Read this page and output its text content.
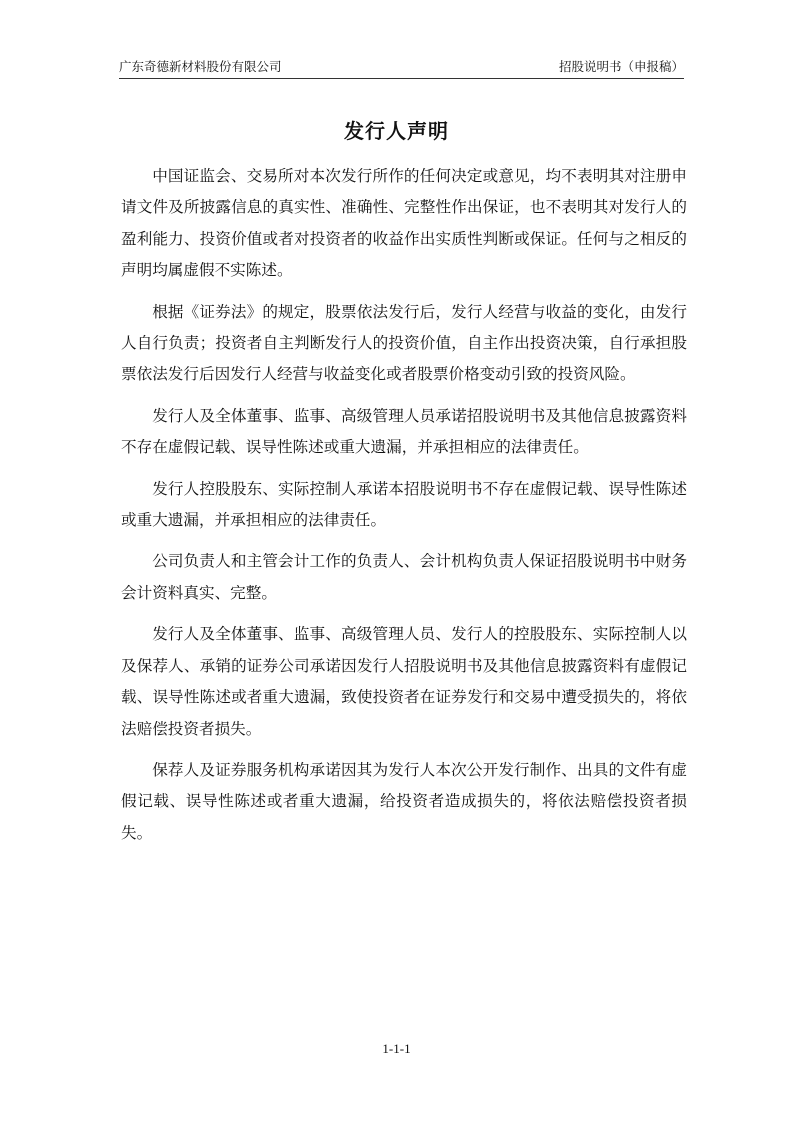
广东奇德新材料股份有限公司	招股说明书（申报稿）
发行人声明

中国证监会、交易所对本次发行所作的任何决定或意见，均不表明其对注册申请文件及所披露信息的真实性、准确性、完整性作出保证，也不表明其对发行人的盈利能力、投资价值或者对投资者的收益作出实质性判断或保证。任何与之相反的声明均属虚假不实陈述。

根据《证券法》的规定，股票依法发行后，发行人经营与收益的变化，由发行人自行负责；投资者自主判断发行人的投资价值，自主作出投资决策，自行承担股票依法发行后因发行人经营与收益变化或者股票价格变动引致的投资风险。

发行人及全体董事、监事、高级管理人员承诺招股说明书及其他信息披露资料不存在虚假记载、误导性陈述或重大遗漏，并承担相应的法律责任。

发行人控股股东、实际控制人承诺本招股说明书不存在虚假记载、误导性陈述或重大遗漏，并承担相应的法律责任。

公司负责人和主管会计工作的负责人、会计机构负责人保证招股说明书中财务会计资料真实、完整。

发行人及全体董事、监事、高级管理人员、发行人的控股股东、实际控制人以及保荐人、承销的证券公司承诺因发行人招股说明书及其他信息披露资料有虚假记载、误导性陈述或者重大遗漏，致使投资者在证券发行和交易中遭受损失的，将依法赔偿投资者损失。

保荐人及证券服务机构承诺因其为发行人本次公开发行制作、出具的文件有虚假记载、误导性陈述或者重大遗漏，给投资者造成损失的，将依法赔偿投资者损失。

1-1-1
